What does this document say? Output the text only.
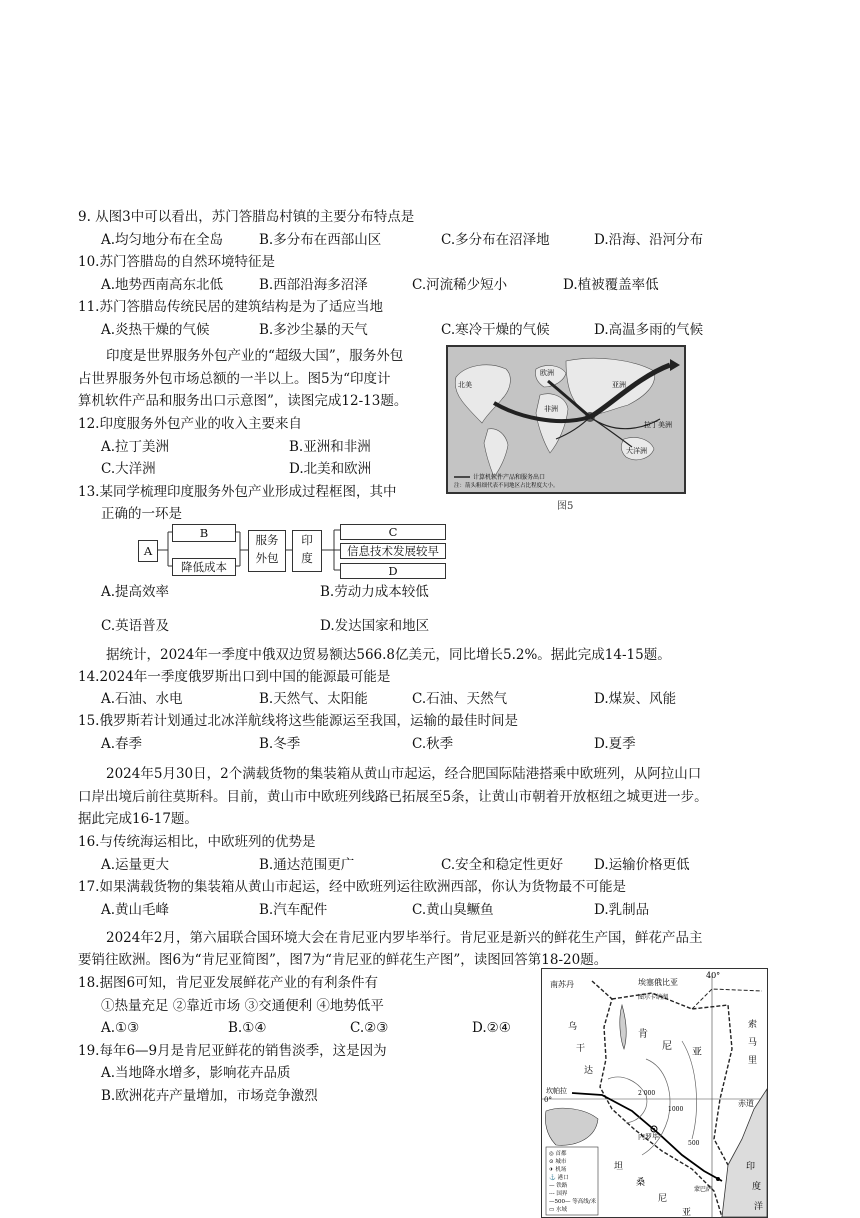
9. 从图3中可以看出，苏门答腊岛村镇的主要分布特点是
A.均匀地分布在全岛	B.多分布在西部山区	C.多分布在沼泽地	D.沿海、沿河分布
10.苏门答腊岛的自然环境特征是
A.地势西南高东北低	B.西部沿海多沼泽	C.河流稀少短小	D.植被覆盖率低
11.苏门答腊岛传统民居的建筑结构是为了适应当地
A.炎热干燥的气候	B.多沙尘暴的天气	C.寒冷干燥的气候	D.高温多雨的气候
印度是世界服务外包产业的“超级大国”，服务外包
占世界服务外包市场总额的一半以上。图5为“印度计
算机软件产品和服务出口示意图”，读图完成12-13题。
北美
欧洲
非洲
亚洲
拉丁美洲
大洋洲
计算机软件产品和服务出口
注：箭头粗细代表不同地区占比程度大小。
图5
12.印度服务外包产业的收入主要来自
A.拉丁美洲	B.亚洲和非洲
C.大洋洲	D.北美和欧洲
13.某同学梳理印度服务外包产业形成过程框图，其中
正确的一环是
A
B
降低成本
服务
外包
印
度
C
信息技术发展较早
D
A.提高效率	B.劳动力成本较低
C.英语普及	D.发达国家和地区
据统计，2024年一季度中俄双边贸易额达566.8亿美元，同比增长5.2%。据此完成14-15题。
14.2024年一季度俄罗斯出口到中国的能源最可能是
A.石油、水电	B.天然气、太阳能	C.石油、天然气	D.煤炭、风能
15.俄罗斯若计划通过北冰洋航线将这些能源运至我国，运输的最佳时间是
A.春季	B.冬季	C.秋季	D.夏季
2024年5月30日，2个满载货物的集装箱从黄山市起运，经合肥国际陆港搭乘中欧班列，从阿拉山口
口岸出境后前往莫斯科。目前，黄山市中欧班列线路已拓展至5条，让黄山市朝着开放枢纽之城更进一步。
据此完成16-17题。
16.与传统海运相比，中欧班列的优势是
A.运量更大	B.通达范围更广	C.安全和稳定性更好 D.运输价格更低
17.如果满载货物的集装箱从黄山市起运，经中欧班列运往欧洲西部，你认为货物最不可能是
A.黄山毛峰	B.汽车配件	C.黄山臭鳜鱼	D.乳制品
2024年2月，第六届联合国环境大会在肯尼亚内罗毕举行。肯尼亚是新兴的鲜花生产国，鲜花产品主
要销往欧洲。图6为“肯尼亚简图”，图7为“肯尼亚的鲜花生产图”，读图回答第18-20题。
18.据图6可知，肯尼亚发展鲜花产业的有利条件有
①热量充足 ②靠近市场 ③交通便利 ④地势低平
A.①③	B.①④	C.②③	D.②④
19.每年6—9月是肯尼亚鲜花的销售淡季，这是因为
A.当地降水增多，影响花卉品质
B.欧洲花卉产量增加，市场竞争激烈
40°
0°	赤道
南苏丹	埃塞俄比亚
图尔卡纳湖
索
马
里
乌
干
达
肯
尼
亚
坎帕拉	2 000
1000
500
内罗毕
蒙巴萨
坦
桑
尼
亚
印
度
洋
◎ 首都
⊙ 城市
✈ 机场
⚓ 港口
— 铁路
--- 国界
—500— 等高线/米
▭ 水域
